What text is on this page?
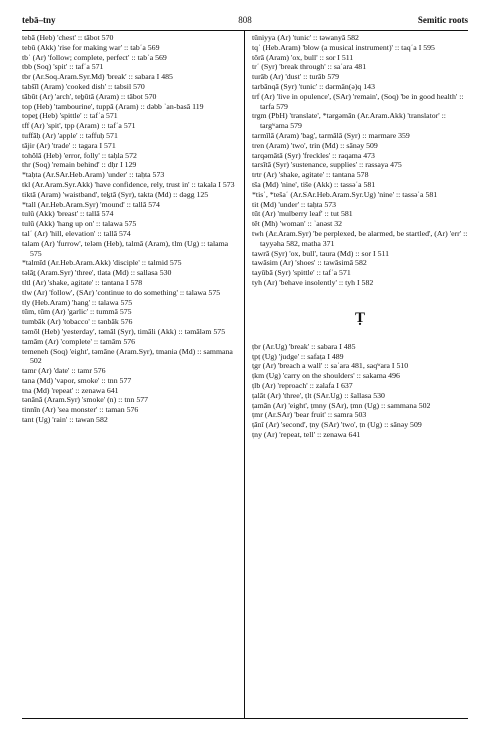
tebā–tny	808	Semitic roots

tebā (Heb) 'chest' :: tābot 570

tebû (Akk) 'rise for making war' :: tabʿa 569

tbʿ (Ar) 'follow; complete, perfect' :: tabʿa 569

tbb (Soq) 'spit' :: tafʿa 571

tbr (Ar.Soq.Aram.Syr.Md) 'break' :: sabara I 485

tabšīl (Aram) 'cooked dish' :: tabsil 570

tābūt (Ar) 'arch', teḇūtā (Aram) :: tābot 570

top (Heb) 'tambourine', tuppā (Aram) :: dəbb ʾan-basā 119

topeṯ (Heb) 'spittle' :: tafʿa 571

tff (Ar) 'spit', tpp (Aram) :: tafʿa 571

tuffāḥ (Ar) 'apple' :: təffuḥ 571

tājir (Ar) 'trade' :: tagara I 571

tohŏlā (Heb) 'error, folly' :: taḥla 572

thr (Soq) 'remain behind' :: dḥr I 129

*taḥta (Ar.SAr.Heb.Aram) 'under' :: taḥta 573

tkl (Ar.Aram.Syr.Akk) 'have confidence, rely, trust in' :: takala I 573

tiktā (Aram) 'waistband', teḵtā (Syr), takta (Md) :: dəgg 125

*tall (Ar.Heb.Aram.Syr) 'mound' :: tallā 574

tulû (Akk) 'breast' :: tallā 574

tulū (Akk) 'hang up on' :: talawa 575

talʿ (Ar) 'hill, elevation' :: tallā 574

talam (Ar) 'furrow', teləm (Heb), talmā (Aram), tlm (Ug) :: talama 575

*talmīd (Ar.Heb.Aram.Akk) 'disciple' :: talmid 575

təlāṯ (Aram.Syr) 'three', tlata (Md) :: sallasa 530

tltl (Ar) 'shake, agitate' :: tantana I 578

tlw (Ar) 'follow', (SAr) 'continue to do something' :: talawa 575

tly (Heb.Aram) 'hang' :: talawa 575

tūm, tūm (Ar) 'garlic' :: tummā 575

tumbāk (Ar) 'tobacco' :: tənbāk 576

təmōl (Heb) 'yesterday', təmāl (Syr), timāli (Akk) :: təmāləm 575

tamām (Ar) 'complete' :: tamām 576

temeneh (Soq) 'eight', təmāne (Aram.Syr), tmania (Md) :: sammana 502

tamr (Ar) 'date' :: tamr 576

tana (Md) 'vapor, smoke' :: tnn 577

tna (Md) 'repeat' :: zenawa 641

tənānā (Aram.Syr) 'smoke' (n) :: tnn 577

tinnīn (Ar) 'sea monster' :: taman 576

tant (Ug) 'rain' :: tawan 582

tūniyya (Ar) 'tunic' :: təwanyā 582

tqʿ (Heb.Aram) 'blow (a musical instrument)' :: taqʿa I 595

tōrā (Aram) 'ox, bull' :: sor I 511

trʿ (Syr) 'break through' :: saʿara 481

turāb (Ar) 'dust' :: turāb 579

tarbānqā (Syr) 'tunic' :: dərmān(ə)q 143

trf (Ar) 'live in opulence', (SAr) 'remain', (Soq) 'be in good health' :: tarfa 579

trgm (PbH) 'translate', *targəmān (Ar.Aram.Akk) 'translator' :: targʷama 579

tarmīlā (Aram) 'bag', tarmālā (Syr) :: marmare 359

tren (Aram) 'two', trin (Md) :: sānəy 509

tarqəmātā (Syr) 'freckles' :: raqama 473

tarsītā (Syr) 'sustenance, supplies' :: rassaya 475

trtr (Ar) 'shake, agitate' :: tantana 578

tša (Md) 'nine', tiše (Akk) :: tassəʿa 581

*tisʿ, *tešaʿ (Ar.SAr.Heb.Aram.Syr.Ug) 'nine' :: tassəʿa 581

tit (Md) 'under' :: taḥta 573

tūt (Ar) 'mulberry leaf' :: tut 581

tēt (Mh) 'woman' :: ʾanəst 32

twh (Ar.Aram.Syr) 'be perplexed, be alarmed, be startled', (Ar) 'err' :: tayyəha 582, matha 371

tawrā (Syr) 'ox, bull', taura (Md) :: sor I 511

tawāsim (Ar) 'shoes' :: tawāsimā 582

tayūbā (Syr) 'spittle' :: tafʿa 571

tyh (Ar) 'behave insolently' :: tyh I 582

Ṭ

ṭbr (Ar.Ug) 'break' :: sabara I 485

ṭpṭ (Ug) 'judge' :: safaṭa I 489

ṭgr (Ar) 'breach a wall' :: saʿara 481, saqʷara I 510

ṭkm (Ug) 'carry on the shoulders' :: sakama 496

ṭlb (Ar) 'reproach' :: zalafa I 637

ṭalāt (Ar) 'three', ṭlt (SAr.Ug) :: šallasa 530

ṭamān (Ar) 'eight', ṭmny (SAr), ṭmn (Ug) :: sammana 502

ṭmr (Ar.SAr) 'bear fruit' :: samra 503

ṭānī (Ar) 'second', ṭny (SAr) 'two', ṭn (Ug) :: sānəy 509

ṭny (Ar) 'repeat, tell' :: zenawa 641
